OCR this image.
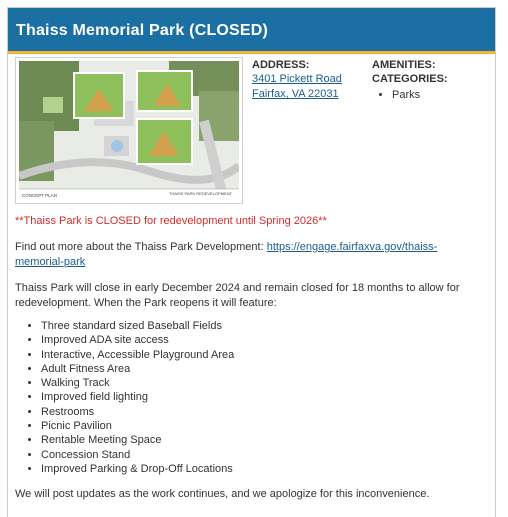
Thaiss Memorial Park (CLOSED)
CONCEPT PLAN	THAISS PARK REDEVELOPMENT
ADDRESS:
3401 Pickett Road
Fairfax, VA 22031
AMENITIES:
CATEGORIES:
• Parks
**Thaiss Park is CLOSED for redevelopment until Spring 2026**
Find out more about the Thaiss Park Development: https://engage.fairfaxva.gov/thaiss-memorial-park
Thaiss Park will close in early December 2024 and remain closed for 18 months to allow for redevelopment. When the Park reopens it will feature:
• Three standard sized Baseball Fields
• Improved ADA site access
• Interactive, Accessible Playground Area
• Adult Fitness Area
• Walking Track
• Improved field lighting
• Restrooms
• Picnic Pavilion
• Rentable Meeting Space
• Concession Stand
• Improved Parking & Drop-Off Locations
We will post updates as the work continues, and we apologize for this inconvenience.
